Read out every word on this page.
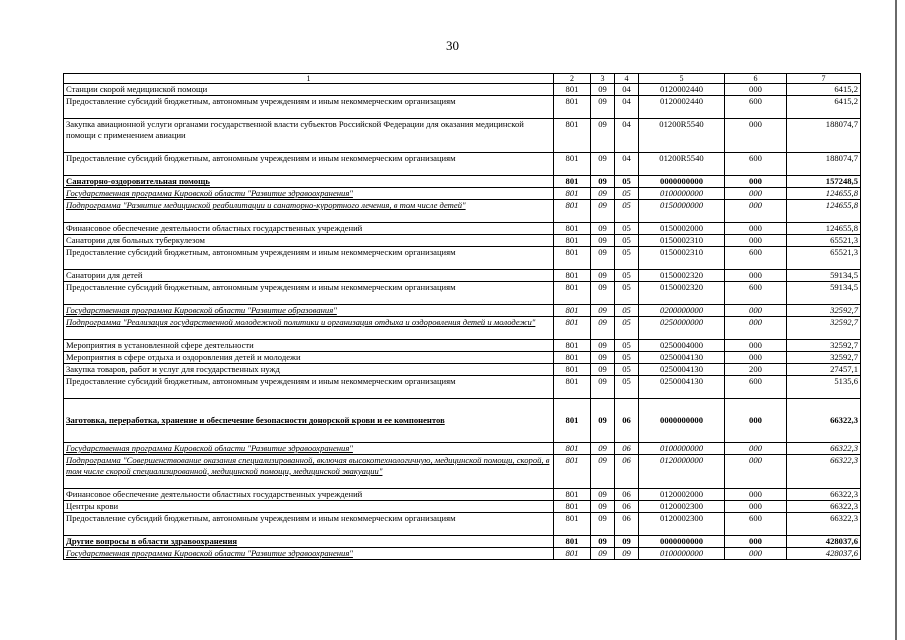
30
1	2	3	4	5	6	7
Станции скорой медицинской помощи	801	09	04	0120002440	000	6415,2
Предоставление субсидий бюджетным, автономным учреждениям и иным некоммерческим организациям	801	09	04	0120002440	600	6415,2
Закупка авиационной услуги органами государственной власти субъектов Российской Федерации для оказания медицинской помощи с применением авиации	801	09	04	01200R5540	000	188074,7
Предоставление субсидий бюджетным, автономным учреждениям и иным некоммерческим организациям	801	09	04	01200R5540	600	188074,7
Санаторно-оздоровительная помощь	801	09	05	0000000000	000	157248,5
Государственная программа Кировской области "Развитие здравоохранения"	801	09	05	0100000000	000	124655,8
Подпрограмма "Развитие медицинской реабилитации и санаторно-курортного лечения, в том числе детей"	801	09	05	0150000000	000	124655,8
Финансовое обеспечение деятельности областных государственных учреждений	801	09	05	0150002000	000	124655,8
Санатории для больных туберкулезом	801	09	05	0150002310	000	65521,3
Предоставление субсидий бюджетным, автономным учреждениям и иным некоммерческим организациям	801	09	05	0150002310	600	65521,3
Санатории для детей	801	09	05	0150002320	000	59134,5
Предоставление субсидий бюджетным, автономным учреждениям и иным некоммерческим организациям	801	09	05	0150002320	600	59134,5
Государственная программа Кировской области "Развитие образования"	801	09	05	0200000000	000	32592,7
Подпрограмма "Реализация государственной молодежной политики и организация отдыха и оздоровления детей и молодежи"	801	09	05	0250000000	000	32592,7
Мероприятия в установленной сфере деятельности	801	09	05	0250004000	000	32592,7
Мероприятия в сфере отдыха и оздоровления детей и молодежи	801	09	05	0250004130	000	32592,7
Закупка товаров, работ и услуг для государственных нужд	801	09	05	0250004130	200	27457,1
Предоставление субсидий бюджетным, автономным учреждениям и иным некоммерческим организациям	801	09	05	0250004130	600	5135,6
Заготовка, переработка, хранение и обеспечение безопасности донорской крови и ее компонентов	801	09	06	0000000000	000	66322,3
Государственная программа Кировской области "Развитие здравоохранения"	801	09	06	0100000000	000	66322,3
Подпрограмма "Совершенствование оказания специализированной, включая высокотехнологичную, медицинской помощи, скорой, в том числе скорой специализированной, медицинской помощи, медицинской эвакуации"	801	09	06	0120000000	000	66322,3
Финансовое обеспечение деятельности областных государственных учреждений	801	09	06	0120002000	000	66322,3
Центры крови	801	09	06	0120002300	000	66322,3
Предоставление субсидий бюджетным, автономным учреждениям и иным некоммерческим организациям	801	09	06	0120002300	600	66322,3
Другие вопросы в области здравоохранения	801	09	09	0000000000	000	428037,6
Государственная программа Кировской области "Развитие здравоохранения"	801	09	09	0100000000	000	428037,6
